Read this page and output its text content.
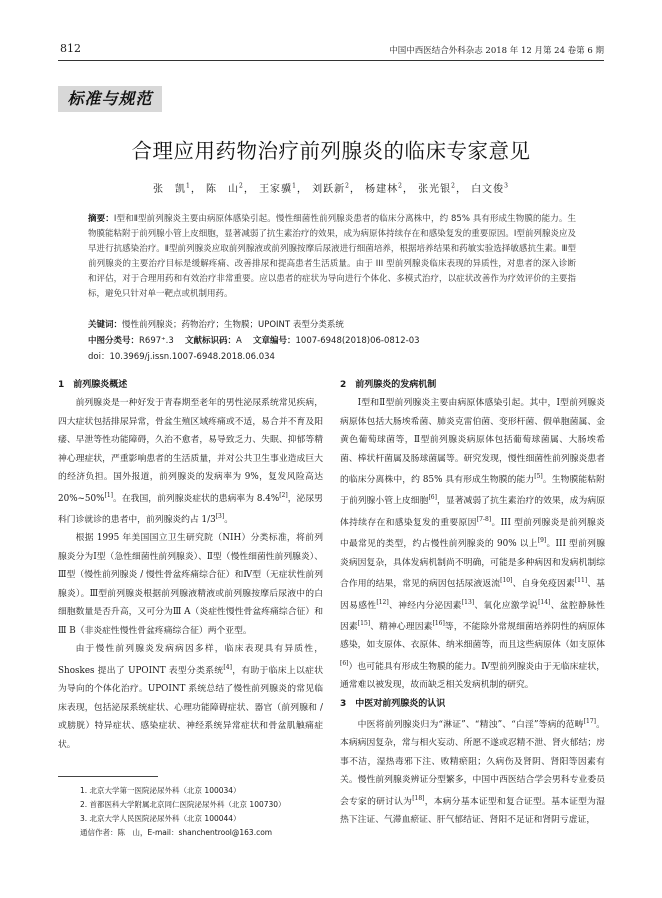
812	中国中西医结合外科杂志 2018 年 12 月第 24 卷第 6 期
标准与规范
合理应用药物治疗前列腺炎的临床专家意见
张　凯$^1$， 陈　山$^2$， 王家骥$^1$， 刘跃新$^2$， 杨建林$^2$， 张光银$^2$， 白文俊$^3$
摘要：Ⅰ型和Ⅱ型前列腺炎主要由病原体感染引起。慢性细菌性前列腺炎患者的临床分离株中，约 85% 具有形成生物膜的能力。生物膜能粘附于前列腺小管上皮细胞，显著减弱了抗生素治疗的效果，成为病原体持续存在和感染复发的重要原因。Ⅰ型前列腺炎应及早进行抗感染治疗。Ⅱ型前列腺炎应取前列腺液或前列腺按摩后尿液进行细菌培养，根据培养结果和药敏实验选择敏感抗生素。Ⅲ型前列腺炎的主要治疗目标是缓解疼痛、改善排尿和提高患者生活质量。由于 III 型前列腺炎临床表现的异质性，对患者的深入诊断和评估，对于合理用药和有效治疗非常重要。应以患者的症状为导向进行个体化、多模式治疗，以症状改善作为疗效评价的主要指标，避免只针对单一靶点或机制用药。
关键词：慢性前列腺炎；药物治疗；生物膜；UPOINT 表型分类系统
中图分类号：R697⁺.3　 文献标识码：A　 文章编号：1007-6948(2018)06-0812-03
doi：10.3969/j.issn.1007-6948.2018.06.034
1　前列腺炎概述

前列腺炎是一种好发于青春期至老年的男性泌尿系统常见疾病，四大症状包括排尿异常，骨盆生殖区域疼痛或不适，易合并不育及阳痿、早泄等性功能障碍，久治不愈者，易导致乏力、失眠、抑郁等精神心理症状，严重影响患者的生活质量，并对公共卫生事业造成巨大的经济负担。国外报道，前列腺炎的发病率为 9%，复发风险高达 20%~50%[1]。在我国，前列腺炎症状的患病率为 8.4%[2]，泌尿男科门诊就诊的患者中，前列腺炎约占 1/3[3]。

根据 1995 年美国国立卫生研究院（NIH）分类标准，将前列腺炎分为Ⅰ型（急性细菌性前列腺炎）、Ⅱ型（慢性细菌性前列腺炎）、Ⅲ型（慢性前列腺炎 / 慢性骨盆疼痛综合征）和Ⅳ型（无症状性前列腺炎）。Ⅲ型前列腺炎根据前列腺液精液或前列腺按摩后尿液中的白细胞数量是否升高，又可分为Ⅲ A（炎症性慢性骨盆疼痛综合征）和Ⅲ B（非炎症性慢性骨盆疼痛综合征）两个亚型。

由于慢性前列腺炎发病病因多样，临床表现具有异质性，Shoskes 提出了 UPOINT 表型分类系统[4]，有助于临床上以症状为导向的个体化治疗。UPOINT 系统总结了慢性前列腺炎的常见临床表现，包括泌尿系统症状、心理功能障碍症状、器官（前列腺和 / 或膀胱）特异症状、感染症状、神经系统异常症状和骨盆肌触痛症状。

2　前列腺炎的发病机制

Ⅰ型和Ⅱ型前列腺炎主要由病原体感染引起。其中，Ⅰ型前列腺炎病原体包括大肠埃希菌、肺炎克雷伯菌、变形杆菌、假单胞菌属、金黄色葡萄球菌等，Ⅱ型前列腺炎病原体包括葡萄球菌属、大肠埃希菌、棒状杆菌属及肠球菌属等。研究发现，慢性细菌性前列腺炎患者的临床分离株中，约 85% 具有形成生物膜的能力[5]。生物膜能粘附于前列腺小管上皮细胞[6]，显著减弱了抗生素治疗的效果，成为病原体持续存在和感染复发的重要原因[7-8]。III 型前列腺炎是前列腺炎中最常见的类型，约占慢性前列腺炎的 90% 以上[9]。III 型前列腺炎病因复杂，具体发病机制尚不明确，可能是多种病因和发病机制综合作用的结果，常见的病因包括尿液返流[10]、自身免疫因素[11]、基因易感性[12]、神经内分泌因素[13]、氧化应激学说[14]、盆腔静脉性因素[15]、精神心理因素[16]等，不能除外常规细菌培养阴性的病原体感染，如支原体、衣原体、纳米细菌等，而且这些病原体（如支原体[6]）也可能具有形成生物膜的能力。Ⅳ型前列腺炎由于无临床症状，通常难以被发现，故而缺乏相关发病机制的研究。

3　中医对前列腺炎的认识

中医将前列腺炎归为“淋证”、“精浊”、“白淫”等病的范畴[17]。本病病因复杂，常与相火妄动、所愿不遂或忍精不泄、肾火郁结；房事不洁，湿热毒邪下注、败精瘀阻；久病伤及肾阴、肾阳等因素有关。慢性前列腺炎辨证分型繁多，中国中西医结合学会男科专业委员会专家的研讨认为[18]，本病分基本证型和复合证型。基本证型为湿热下注证、气滞血瘀证、肝气郁结证、肾阳不足证和肾阴亏虚证，

1. 北京大学第一医院泌尿外科（北京 100034）
2. 首都医科大学附属北京同仁医院泌尿外科（北京 100730）
3. 北京大学人民医院泌尿外科（北京 100044）
通信作者：陈　山，E-mail：shanchentrool@163.com
